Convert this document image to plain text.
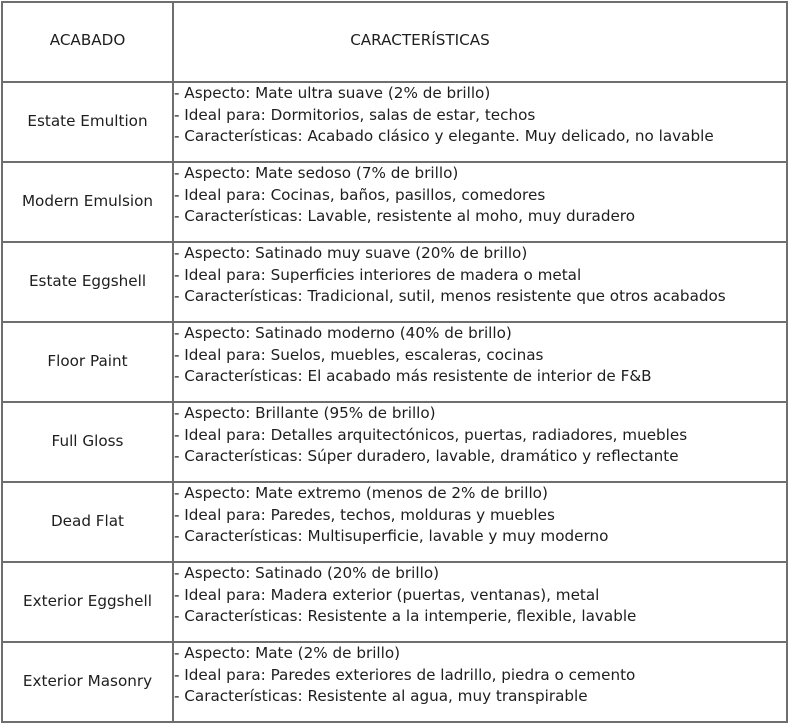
ACABADO	CARACTERÍSTICAS
Estate Emultion	- Aspecto: Mate ultra suave (2% de brillo)
- Ideal para: Dormitorios, salas de estar, techos
- Características: Acabado clásico y elegante. Muy delicado, no lavable

Modern Emulsion	- Aspecto: Mate sedoso (7% de brillo)
- Ideal para: Cocinas, baños, pasillos, comedores
- Características: Lavable, resistente al moho, muy duradero

Estate Eggshell	- Aspecto: Satinado muy suave (20% de brillo)
- Ideal para: Superficies interiores de madera o metal
- Características: Tradicional, sutil, menos resistente que otros acabados

Floor Paint	- Aspecto: Satinado moderno (40% de brillo)
- Ideal para: Suelos, muebles, escaleras, cocinas
- Características: El acabado más resistente de interior de F&B

Full Gloss	- Aspecto: Brillante (95% de brillo)
- Ideal para: Detalles arquitectónicos, puertas, radiadores, muebles
- Características: Súper duradero, lavable, dramático y reflectante

Dead Flat	- Aspecto: Mate extremo (menos de 2% de brillo)
- Ideal para: Paredes, techos, molduras y muebles
- Características: Multisuperficie, lavable y muy moderno

Exterior Eggshell	- Aspecto: Satinado (20% de brillo)
- Ideal para: Madera exterior (puertas, ventanas), metal
- Características: Resistente a la intemperie, flexible, lavable

Exterior Masonry	- Aspecto: Mate (2% de brillo)
- Ideal para: Paredes exteriores de ladrillo, piedra o cemento
- Características: Resistente al agua, muy transpirable
